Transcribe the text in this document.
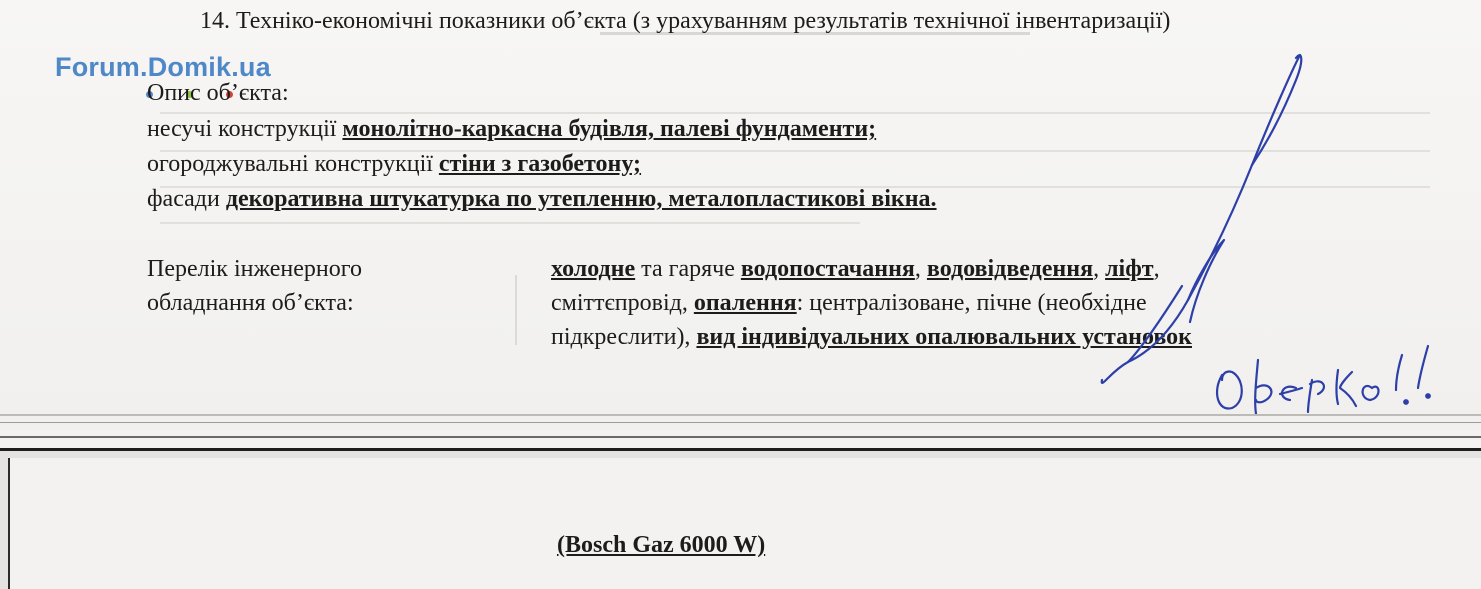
14. Техніко-економічні показники об’єкта (з урахуванням результатів технічної інвентаризації)
Forum.Domik.ua
Опис об’єкта:
несучі конструкції монолітно-каркасна будівля, палеві фундаменти;
огороджувальні конструкції стіни з газобетону;
фасади декоративна штукатурка по утепленню, металопластикові вікна.
Перелік інженерного
обладнання об’єкта:
холодне та гаряче водопостачання, водовідведення, ліфт,
сміттєпровід, опалення: централізоване, пічне (необхідне
підкреслити), вид індивідуальних опалювальних установок
(Bosch Gaz 6000 W)
